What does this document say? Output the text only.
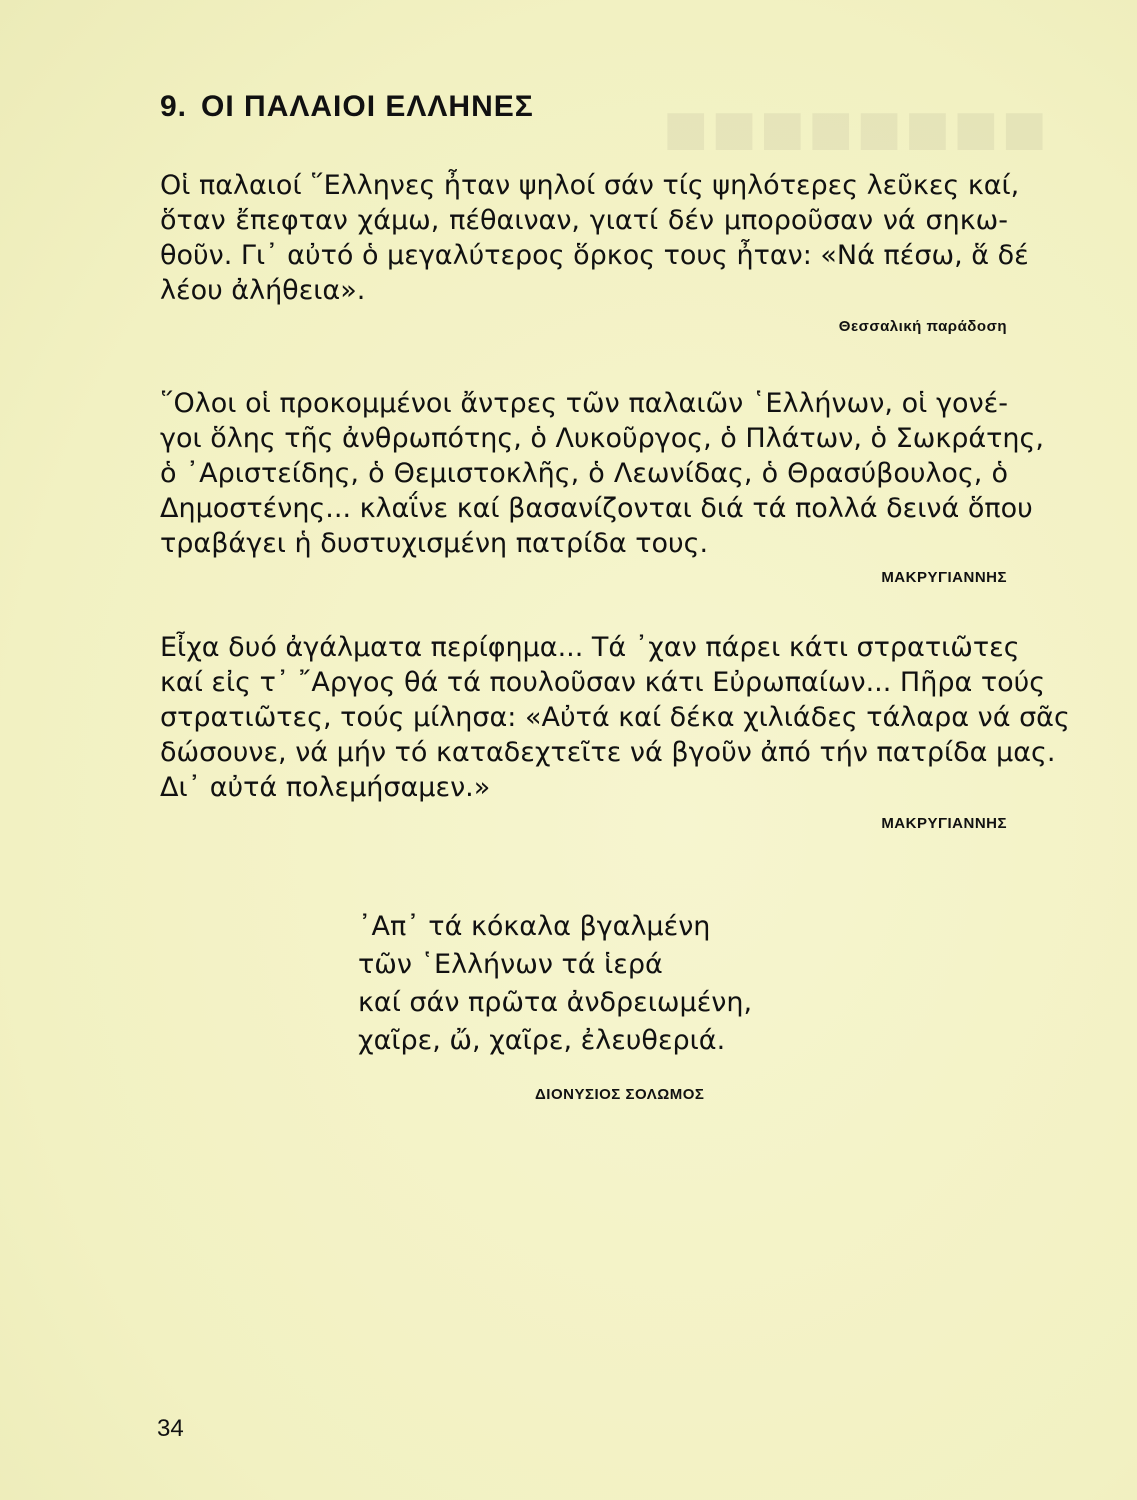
■■■■■■■■
9. ΟΙ ΠΑΛΑΙΟΙ ΕΛΛΗΝΕΣ

Οἱ παλαιοί ῞Ελληνες ἦταν ψηλοί σάν τίς ψηλότερες λεῦκες καί,
ὅταν ἔπεφταν χάμω, πέθαιναν, γιατί δέν μποροῦσαν νά σηκω-
θοῦν. Γι᾿ αὐτό ὁ μεγαλύτερος ὅρκος τους ἦταν: «Νά πέσω, ἅ δέ
λέου ἀλήθεια».

Θεσσαλική παράδοση

῞Ολοι οἱ προκομμένοι ἄντρες τῶν παλαιῶν ῾Ελλήνων, οἱ γονέ-
γοι ὅλης τῆς ἀνθρωπότης, ὁ Λυκοῦργος, ὁ Πλάτων, ὁ Σωκράτης,
ὁ ᾿Αριστείδης, ὁ Θεμιστοκλῆς, ὁ Λεωνίδας, ὁ Θρασύβουλος, ὁ
Δημοστένης... κλαΐνε καί βασανίζονται διά τά πολλά δεινά ὅπου
τραβάγει ἡ δυστυχισμένη πατρίδα τους.

ΜΑΚΡΥΓΙΑΝΝΗΣ

Εἶχα δυό ἀγάλματα περίφημα... Τά ᾽χαν πάρει κάτι στρατιῶτες
καί εἰς τ᾿ ῎Αργος θά τά πουλοῦσαν κάτι Εὐρωπαίων... Πῆρα τούς
στρατιῶτες, τούς μίλησα: «Αὐτά καί δέκα χιλιάδες τάλαρα νά σᾶς
δώσουνε, νά μήν τό καταδεχτεῖτε νά βγοῦν ἀπό τήν πατρίδα μας.
Δι᾿ αὐτά πολεμήσαμεν.»

ΜΑΚΡΥΓΙΑΝΝΗΣ
᾿Απ᾿ τά κόκαλα βγαλμένη
τῶν ῾Ελλήνων τά ἱερά
καί σάν πρῶτα ἀνδρειωμένη,
χαῖρε, ὤ, χαῖρε, ἐλευθεριά.
ΔΙΟΝΥΣΙΟΣ ΣΟΛΩΜΟΣ
34
